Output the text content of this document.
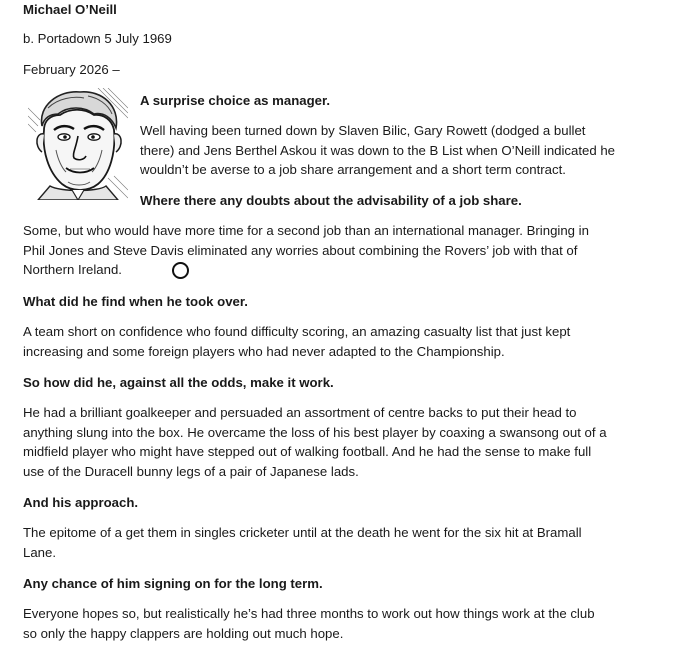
Michael O’Neill
b. Portadown 5 July 1969
February 2026 –
A surprise choice as manager.
Well having been turned down by Slaven Bilic, Gary Rowett (dodged a bullet
there) and Jens Berthel Askou it was down to the B List when O’Neill indicated he
wouldn’t be averse to a job share arrangement and a short term contract.
Where there any doubts about the advisability of a job share.
Some, but who would have more time for a second job than an international manager. Bringing in
Phil Jones and Steve Davis eliminated any worries about combining the Rovers’ job with that of
Northern Ireland.
What did he find when he took over.
A team short on confidence who found difficulty scoring, an amazing casualty list that just kept
increasing and some foreign players who had never adapted to the Championship.
So how did he, against all the odds, make it work.
He had a brilliant goalkeeper and persuaded an assortment of centre backs to put their head to
anything slung into the box. He overcame the loss of his best player by coaxing a swansong out of a
midfield player who might have stepped out of walking football. And he had the sense to make full
use of the Duracell bunny legs of a pair of Japanese lads.
And his approach.
The epitome of a get them in singles cricketer until at the death he went for the six hit at Bramall
Lane.
Any chance of him signing on for the long term.
Everyone hopes so, but realistically he’s had three months to work out how things work at the club
so only the happy clappers are holding out much hope.
